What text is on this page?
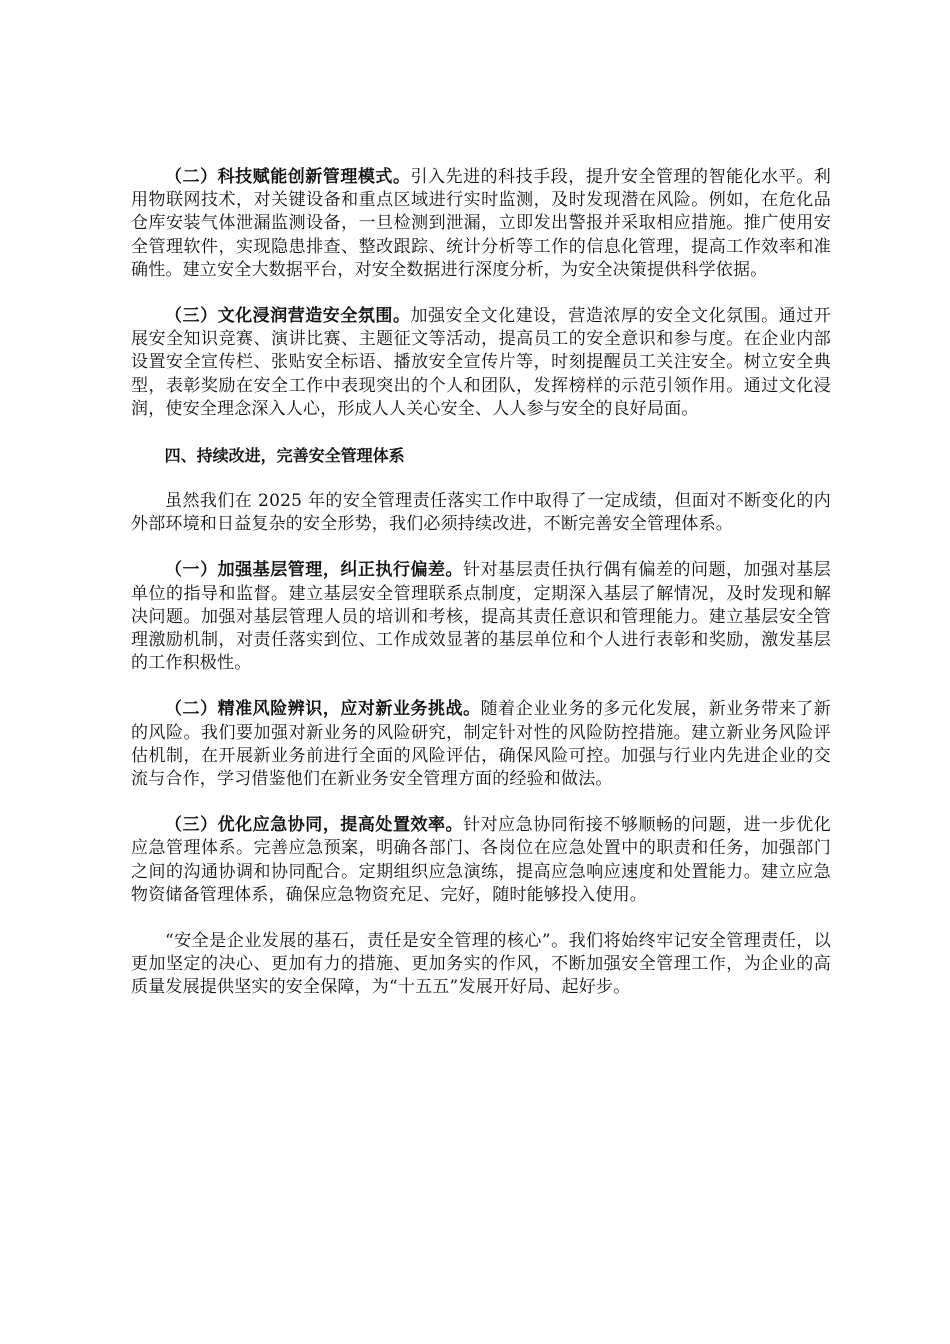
（二）科技赋能创新管理模式。引入先进的科技手段，提升安全管理的智能化水平。利用物联网技术，对关键设备和重点区域进行实时监测，及时发现潜在风险。例如，在危化品仓库安装气体泄漏监测设备，一旦检测到泄漏，立即发出警报并采取相应措施。推广使用安全管理软件，实现隐患排查、整改跟踪、统计分析等工作的信息化管理，提高工作效率和准确性。建立安全大数据平台，对安全数据进行深度分析，为安全决策提供科学依据。

（三）文化浸润营造安全氛围。加强安全文化建设，营造浓厚的安全文化氛围。通过开展安全知识竞赛、演讲比赛、主题征文等活动，提高员工的安全意识和参与度。在企业内部设置安全宣传栏、张贴安全标语、播放安全宣传片等，时刻提醒员工关注安全。树立安全典型，表彰奖励在安全工作中表现突出的个人和团队，发挥榜样的示范引领作用。通过文化浸润，使安全理念深入人心，形成人人关心安全、人人参与安全的良好局面。

四、持续改进，完善安全管理体系

虽然我们在 2025 年的安全管理责任落实工作中取得了一定成绩，但面对不断变化的内外部环境和日益复杂的安全形势，我们必须持续改进，不断完善安全管理体系。

（一）加强基层管理，纠正执行偏差。针对基层责任执行偶有偏差的问题，加强对基层单位的指导和监督。建立基层安全管理联系点制度，定期深入基层了解情况，及时发现和解决问题。加强对基层管理人员的培训和考核，提高其责任意识和管理能力。建立基层安全管理激励机制，对责任落实到位、工作成效显著的基层单位和个人进行表彰和奖励，激发基层的工作积极性。

（二）精准风险辨识，应对新业务挑战。随着企业业务的多元化发展，新业务带来了新的风险。我们要加强对新业务的风险研究，制定针对性的风险防控措施。建立新业务风险评估机制，在开展新业务前进行全面的风险评估，确保风险可控。加强与行业内先进企业的交流与合作，学习借鉴他们在新业务安全管理方面的经验和做法。

（三）优化应急协同，提高处置效率。针对应急协同衔接不够顺畅的问题，进一步优化应急管理体系。完善应急预案，明确各部门、各岗位在应急处置中的职责和任务，加强部门之间的沟通协调和协同配合。定期组织应急演练，提高应急响应速度和处置能力。建立应急物资储备管理体系，确保应急物资充足、完好，随时能够投入使用。

“安全是企业发展的基石，责任是安全管理的核心”。我们将始终牢记安全管理责任，以更加坚定的决心、更加有力的措施、更加务实的作风，不断加强安全管理工作，为企业的高质量发展提供坚实的安全保障，为“十五五”发展开好局、起好步。
